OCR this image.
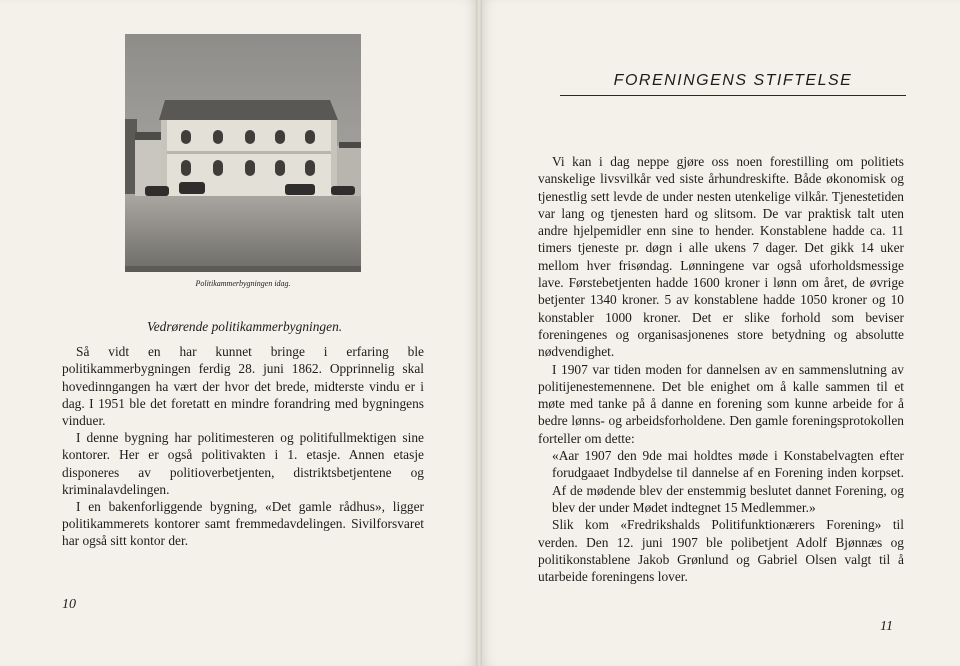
Politikammerbygningen idag.

Vedrørende politikammerbygningen.

Så vidt en har kunnet bringe i erfaring ble politikammerbygningen ferdig 28. juni 1862. Opprinnelig skal hovedinngangen ha vært der hvor det brede, midterste vindu er i dag. I 1951 ble det foretatt en mindre forandring med bygningens vinduer.

I denne bygning har politimesteren og politifullmektigen sine kontorer. Her er også politivakten i 1. etasje. Annen etasje disponeres av politioverbetjenten, distriktsbetjentene og kriminalavdelingen.

I en bakenforliggende bygning, «Det gamle rådhus», ligger politikammerets kontorer samt fremmedavdelingen. Sivilforsvaret har også sitt kontor der.

10
FORENINGENS STIFTELSE

Vi kan i dag neppe gjøre oss noen forestilling om politiets vanskelige livsvilkår ved siste århundreskifte. Både økonomisk og tjenestlig sett levde de under nesten utenkelige vilkår. Tjenestetiden var lang og tjenesten hard og slitsom. De var praktisk talt uten andre hjelpemidler enn sine to hender. Konstablene hadde ca. 11 timers tjeneste pr. døgn i alle ukens 7 dager. Det gikk 14 uker mellom hver frisøndag. Lønningene var også uforholdsmessige lave. Førstebetjenten hadde 1600 kroner i lønn om året, de øvrige betjenter 1340 kroner. 5 av konstablene hadde 1050 kroner og 10 konstabler 1000 kroner. Det er slike forhold som beviser foreningenes og organisasjonenes store betydning og absolutte nødvendighet.

I 1907 var tiden moden for dannelsen av en sammenslutning av politijenestemennene. Det ble enighet om å kalle sammen til et møte med tanke på å danne en forening som kunne arbeide for å bedre lønns- og arbeidsforholdene. Den gamle foreningsprotokollen forteller om dette:

«Aar 1907 den 9de mai holdtes møde i Konstabelvagten efter forudgaaet Indbydelse til dannelse af en Forening inden korpset. Af de mødende blev der enstemmig beslutet dannet Forening, og blev der under Mødet indtegnet 15 Medlemmer.»

Slik kom «Fredrikshalds Politifunktionærers Forening» til verden. Den 12. juni 1907 ble polibetjent Adolf Bjønnæs og politikonstablene Jakob Grønlund og Gabriel Olsen valgt til å utarbeide foreningens lover.

11
